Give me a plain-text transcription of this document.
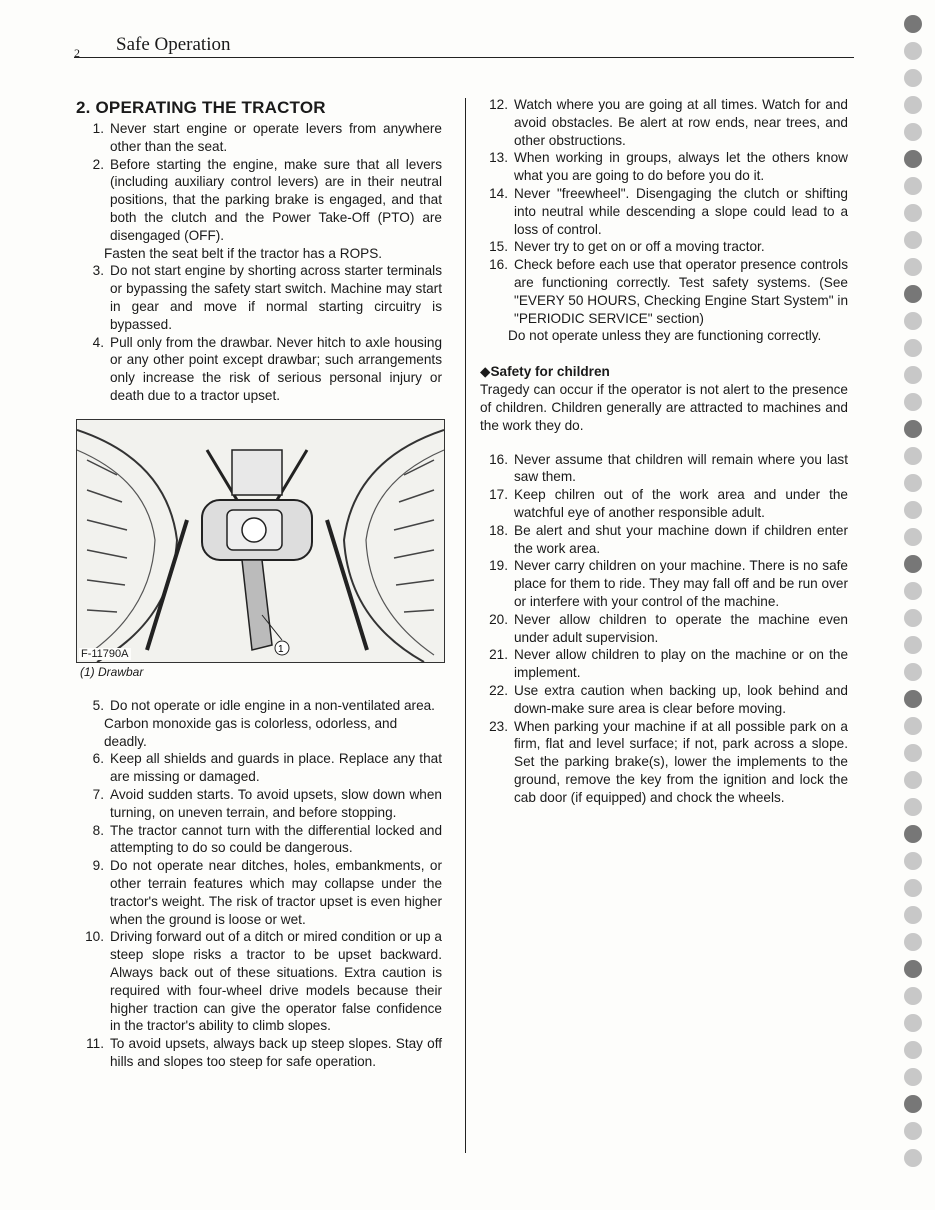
2 Safe Operation
2. OPERATING THE TRACTOR
1. Never start engine or operate levers from anywhere other than the seat.
2. Before starting the engine, make sure that all levers (including auxiliary control levers) are in their neutral positions, that the parking brake is engaged, and that both the clutch and the Power Take-Off (PTO) are disengaged (OFF).
Fasten the seat belt if the tractor has a ROPS.
3. Do not start engine by shorting across starter terminals or bypassing the safety start switch. Machine may start in gear and move if normal starting circuitry is bypassed.
4. Pull only from the drawbar. Never hitch to axle housing or any other point except drawbar; such arrangements only increase the risk of serious personal injury or death due to a tractor upset.
1
F-11790A
(1) Drawbar
5. Do not operate or idle engine in a non-ventilated area.
Carbon monoxide gas is colorless, odorless, and deadly.
6. Keep all shields and guards in place. Replace any that are missing or damaged.
7. Avoid sudden starts. To avoid upsets, slow down when turning, on uneven terrain, and before stopping.
8. The tractor cannot turn with the differential locked and attempting to do so could be dangerous.
9. Do not operate near ditches, holes, embankments, or other terrain features which may collapse under the tractor's weight. The risk of tractor upset is even higher when the ground is loose or wet.
10. Driving forward out of a ditch or mired condition or up a steep slope risks a tractor to be upset backward. Always back out of these situations. Extra caution is required with four-wheel drive models because their higher traction can give the operator false confidence in the tractor's ability to climb slopes.
11. To avoid upsets, always back up steep slopes. Stay off hills and slopes too steep for safe operation.
12. Watch where you are going at all times. Watch for and avoid obstacles. Be alert at row ends, near trees, and other obstructions.
13. When working in groups, always let the others know what you are going to do before you do it.
14. Never "freewheel". Disengaging the clutch or shifting into neutral while descending a slope could lead to a loss of control.
15. Never try to get on or off a moving tractor.
16. Check before each use that operator presence controls are functioning correctly. Test safety systems. (See "EVERY 50 HOURS, Checking Engine Start System" in "PERIODIC SERVICE" section)
Do not operate unless they are functioning correctly.
◆Safety for children
Tragedy can occur if the operator is not alert to the presence of children. Children generally are attracted to machines and the work they do.
16. Never assume that children will remain where you last saw them.
17. Keep chilren out of the work area and under the watchful eye of another responsible adult.
18. Be alert and shut your machine down if children enter the work area.
19. Never carry children on your machine. There is no safe place for them to ride. They may fall off and be run over or interfere with your control of the machine.
20. Never allow children to operate the machine even under adult supervision.
21. Never allow children to play on the machine or on the implement.
22. Use extra caution when backing up, look behind and down-make sure area is clear before moving.
23. When parking your machine if at all possible park on a firm, flat and level surface; if not, park across a slope. Set the parking brake(s), lower the implements to the ground, remove the key from the ignition and lock the cab door (if equipped) and chock the wheels.
